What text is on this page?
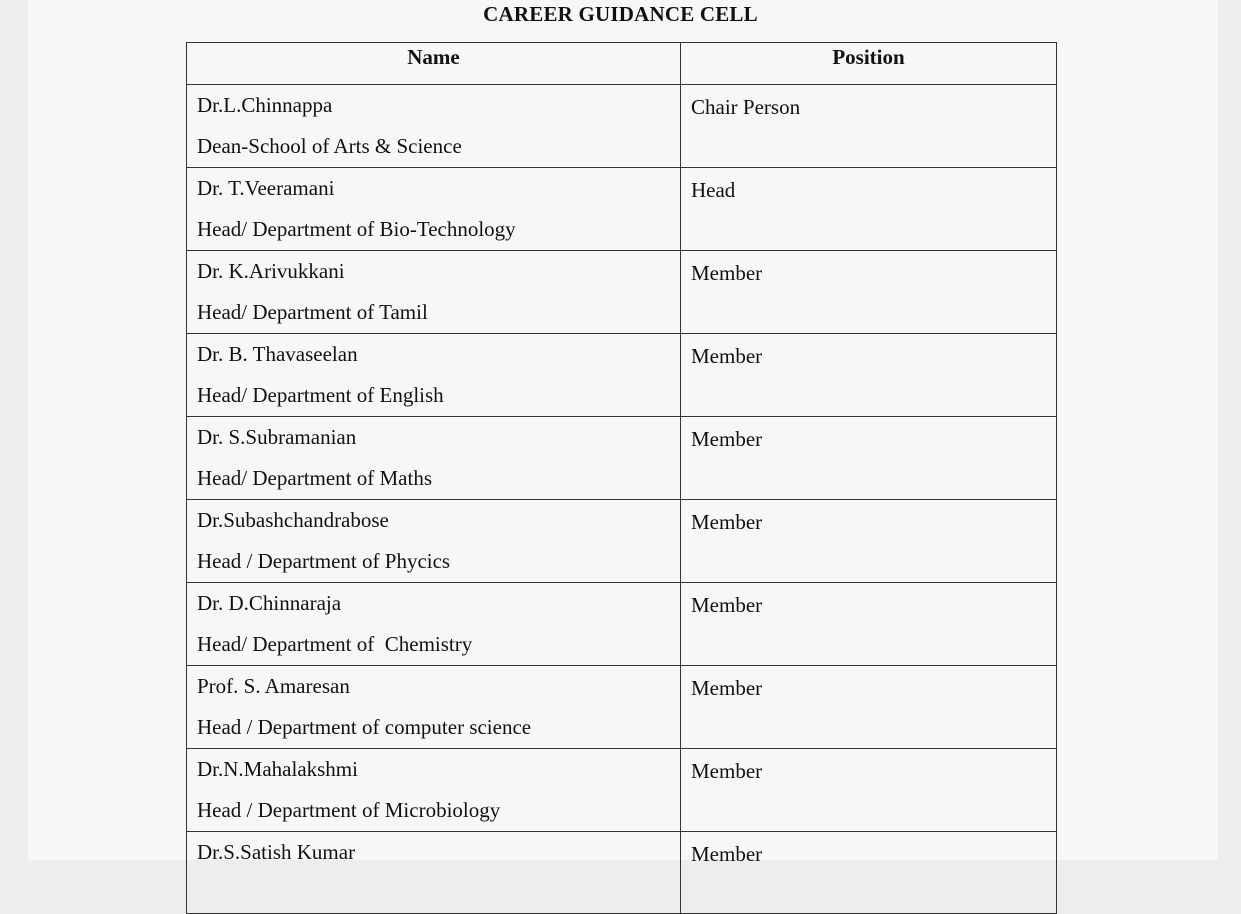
CAREER GUIDANCE CELL
Name	Position

Dr.L.Chinnappa
Dean-School of Arts & Science	Chair Person

Dr. T.Veeramani
Head/ Department of Bio-Technology	Head

Dr. K.Arivukkani
Head/ Department of Tamil	Member

Dr. B. Thavaseelan
Head/ Department of English	Member

Dr. S.Subramanian
Head/ Department of Maths	Member

Dr.Subashchandrabose
Head / Department of Phycics	Member

Dr. D.Chinnaraja
Head/ Department of  Chemistry	Member

Prof. S. Amaresan
Head / Department of computer science	Member

Dr.N.Mahalakshmi
Head / Department of Microbiology	Member

Dr.S.Satish Kumar	Member
